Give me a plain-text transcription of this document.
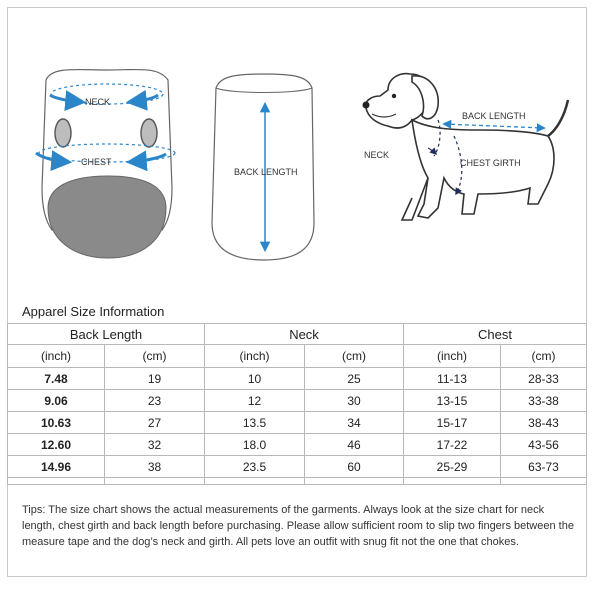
NECK
CHEST
BACK LENGTH
BACK LENGTH
NECK
CHEST GIRTH
Apparel Size Information
Back Length		Neck		Chest	
(inch)	(cm)	(inch)	(cm)	(inch)	(cm)
7.48	19	10	25	11-13	28-33
9.06	23	12	30	13-15	33-38
10.63	27	13.5	34	15-17	38-43
12.60	32	18.0	46	17-22	43-56
14.96	38	23.5	60	25-29	63-73

Tips: The size chart shows the actual measurements of the garments. Always look at the size chart for neck length, chest girth and back length before purchasing. Please allow sufficient room to slip two fingers between the measure tape and the dog’s neck and girth. All pets love an outfit with snug fit not the one that chokes.
